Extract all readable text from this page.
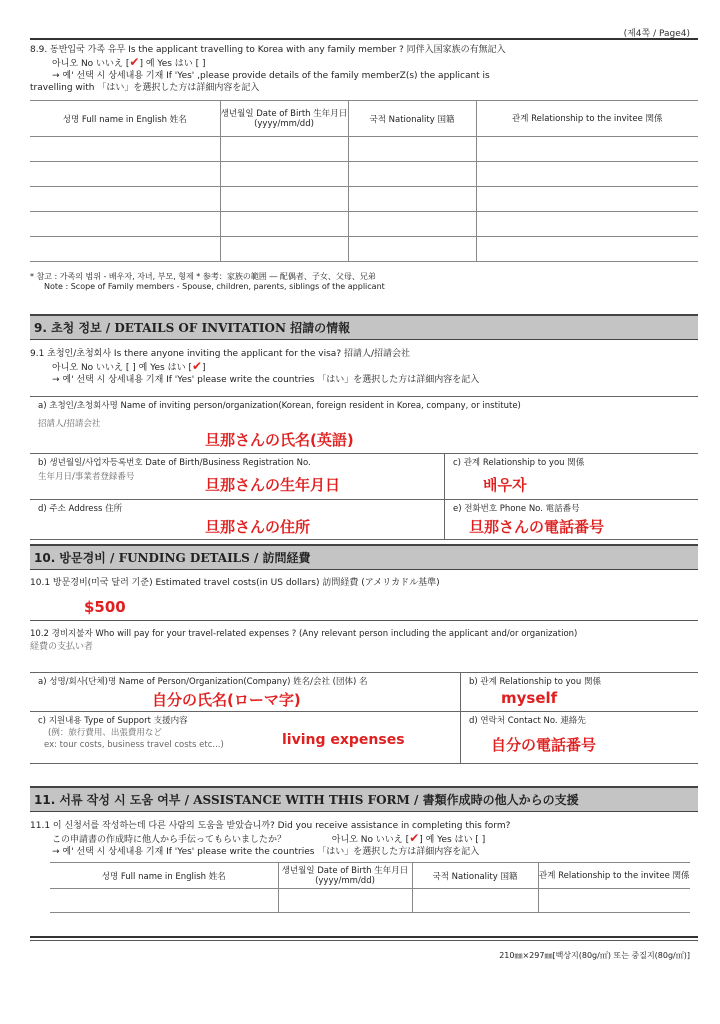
(제4쪽 / Page4)
8.9. 동반입국 가족 유무 Is the applicant travelling to Korea with any family member ? 同伴入国家族の有無記入
아니오 No いいえ [✔] 예 Yes はい [ ]
→ 예' 선택 시 상세내용 기재 If 'Yes' ,please provide details of the family memberZ(s) the applicant is
travelling with 「はい」を選択した方は詳細内容を記入
성명 Full name in English 姓名	생년월일 Date of Birth 生年月日 (yyyy/mm/dd)	국적 Nationality 国籍	관계 Relationship to the invitee 関係

* 참고 : 가족의 범위 - 배우자, 자녀, 부모, 형제 * 参考：家族の範囲 ― 配偶者、子女、父母、兄弟
Note : Scope of Family members - Spouse, children, parents, siblings of the applicant
9. 초청 정보 / DETAILS OF INVITATION 招請の情報
9.1 초청인/초청회사 Is there anyone inviting the applicant for the visa? 招請人/招請会社
아니오 No いいえ [ ] 예 Yes はい [✔]
→ 예' 선택 시 상세내용 기재 If 'Yes' please write the countries 「はい」を選択した方は詳細内容を記入
a) 초청인/초청회사명 Name of inviting person/organization(Korean, foreign resident in Korea, company, or institute)
招請人/招請会社
旦那さんの氏名(英語)
b) 생년월일/사업자등록번호 Date of Birth/Business Registration No.
生年月日/事業者登録番号	旦那さんの生年月日
c) 관계 Relationship to you 関係
배우자
d) 주소 Address 住所
旦那さんの住所
e) 전화번호 Phone No. 電話番号
旦那さんの電話番号
10. 방문경비 / FUNDING DETAILS / 訪問経費
10.1 방문경비(미국 달러 기준) Estimated travel costs(in US dollars) 訪問経費 (アメリカドル基準)
$500
10.2 경비지불자 Who will pay for your travel-related expenses ? (Any relevant person including the applicant and/or organization)
経費の支払い者
a) 성명/회사(단체)명 Name of Person/Organization(Company) 姓名/会社 (団体) 名
自分の氏名(ローマ字)
b) 관계 Relationship to you 関係
myself
c) 지원내용 Type of Support 支援内容
(例：旅行費用、出張費用など
ex: tour costs, business travel costs etc...)	living expenses
d) 연락처 Contact No. 連絡先
自分の電話番号
11. 서류 작성 시 도움 여부 / ASSISTANCE WITH THIS FORM / 書類作成時の他人からの支援
11.1 이 신청서를 작성하는데 다른 사람의 도움을 받았습니까? Did you receive assistance in completing this form?
この申請書の作成時に他人から手伝ってもらいましたか？	아니오 No いいえ [✔] 예 Yes はい [ ]
→ 예' 선택 시 상세내용 기재 If 'Yes' please write the countries 「はい」を選択した方は詳細内容を記入
성명 Full name in English 姓名	생년월일 Date of Birth 生年月日 (yyyy/mm/dd)	국적 Nationality 国籍	관계 Relationship to the invitee 関係

210㎜×297㎜[백상지(80g/㎡) 또는 중질지(80g/㎡)]
